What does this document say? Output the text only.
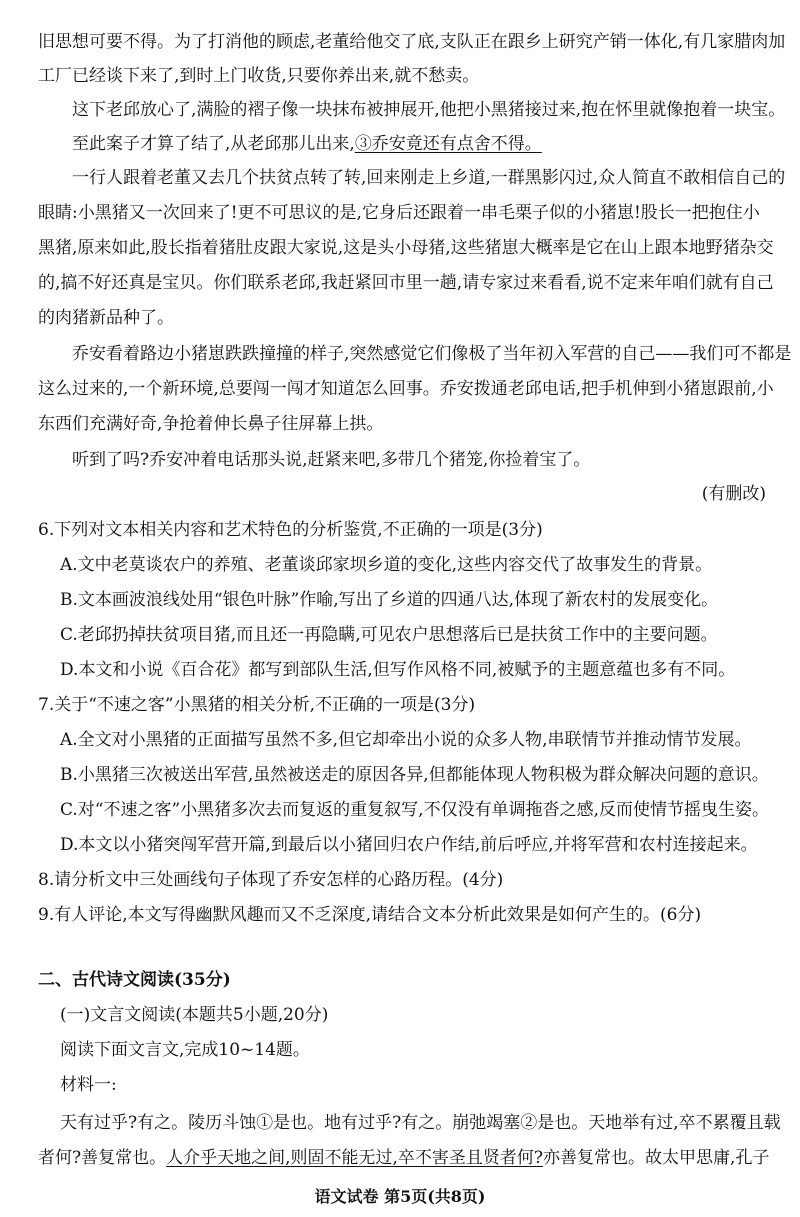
旧思想可要不得。为了打消他的顾虑,老董给他交了底,支队正在跟乡上研究产销一体化,有几家腊肉加
工厂已经谈下来了,到时上门收货,只要你养出来,就不愁卖。
这下老邱放心了,满脸的褶子像一块抹布被抻展开,他把小黑猪接过来,抱在怀里就像抱着一块宝。
至此案子才算了结了,从老邱那儿出来,③乔安竟还有点舍不得。
一行人跟着老董又去几个扶贫点转了转,回来刚走上乡道,一群黑影闪过,众人简直不敢相信自己的
眼睛:小黑猪又一次回来了!更不可思议的是,它身后还跟着一串毛栗子似的小猪崽!股长一把抱住小
黑猪,原来如此,股长指着猪肚皮跟大家说,这是头小母猪,这些猪崽大概率是它在山上跟本地野猪杂交
的,搞不好还真是宝贝。你们联系老邱,我赶紧回市里一趟,请专家过来看看,说不定来年咱们就有自己
的肉猪新品种了。
乔安看着路边小猪崽跌跌撞撞的样子,突然感觉它们像极了当年初入军营的自己——我们可不都是
这么过来的,一个新环境,总要闯一闯才知道怎么回事。乔安拨通老邱电话,把手机伸到小猪崽跟前,小
东西们充满好奇,争抢着伸长鼻子往屏幕上拱。
听到了吗?乔安冲着电话那头说,赶紧来吧,多带几个猪笼,你捡着宝了。
(有删改)
6.下列对文本相关内容和艺术特色的分析鉴赏,不正确的一项是(3分)
A.文中老莫谈农户的养殖、老董谈邱家坝乡道的变化,这些内容交代了故事发生的背景。
B.文本画波浪线处用“银色叶脉”作喻,写出了乡道的四通八达,体现了新农村的发展变化。
C.老邱扔掉扶贫项目猪,而且还一再隐瞒,可见农户思想落后已是扶贫工作中的主要问题。
D.本文和小说《百合花》都写到部队生活,但写作风格不同,被赋予的主题意蕴也多有不同。
7.关于“不速之客”小黑猪的相关分析,不正确的一项是(3分)
A.全文对小黑猪的正面描写虽然不多,但它却牵出小说的众多人物,串联情节并推动情节发展。
B.小黑猪三次被送出军营,虽然被送走的原因各异,但都能体现人物积极为群众解决问题的意识。
C.对“不速之客”小黑猪多次去而复返的重复叙写,不仅没有单调拖沓之感,反而使情节摇曳生姿。
D.本文以小猪突闯军营开篇,到最后以小猪回归农户作结,前后呼应,并将军营和农村连接起来。
8.请分析文中三处画线句子体现了乔安怎样的心路历程。(4分)
9.有人评论,本文写得幽默风趣而又不乏深度,请结合文本分析此效果是如何产生的。(6分)
二、古代诗文阅读(35分)
(一)文言文阅读(本题共5小题,20分)
阅读下面文言文,完成10~14题。
材料一:
天有过乎?有之。陵历斗蚀①是也。地有过乎?有之。崩弛竭塞②是也。天地举有过,卒不累覆且载
者何?善复常也。人介乎天地之间,则固不能无过,卒不害圣且贤者何?亦善复常也。故太甲思庸,孔子
语文试卷 第5页(共8页)
